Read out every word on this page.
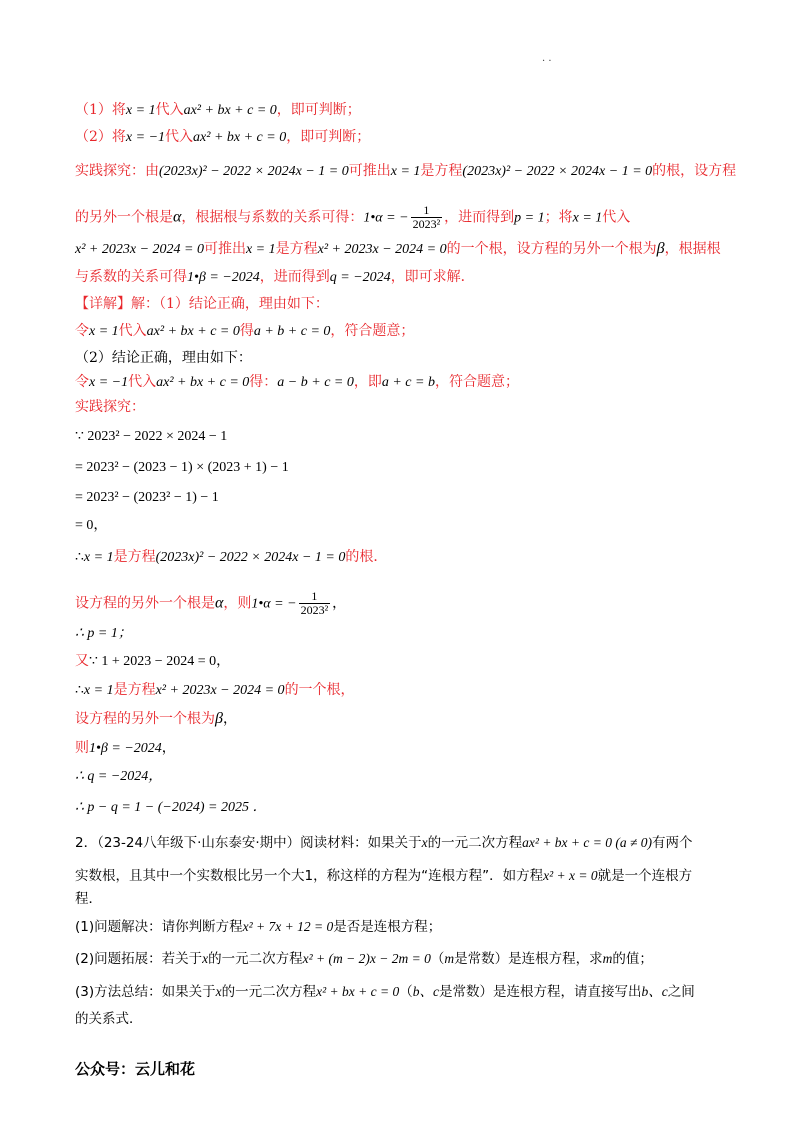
· ·
（1）将x = 1代入ax² + bx + c = 0，即可判断；
（2）将x = −1代入ax² + bx + c = 0，即可判断；
实践探究：由(2023x)² − 2022 × 2024x − 1 = 0可推出x = 1是方程(2023x)² − 2022 × 2024x − 1 = 0的根，设方程
的另外一个根是α，根据根与系数的关系可得：1•α = − $\frac{1}{\text{2023²}}$ ，进而得到p = 1；将x = 1代入
x² + 2023x − 2024 = 0可推出x = 1是方程x² + 2023x − 2024 = 0的一个根，设方程的另外一个根为β，根据根
与系数的关系可得1•β = −2024，进而得到q = −2024，即可求解．
【详解】解：（1）结论正确，理由如下：
令x = 1代入ax² + bx + c = 0得a + b + c = 0，符合题意；
（2）结论正确，理由如下：
令x = −1代入ax² + bx + c = 0得：a − b + c = 0，即a + c = b，符合题意；
实践探究：
∵ 2023² − 2022 × 2024 − 1
= 2023² − (2023 − 1) × (2023 + 1) − 1
= 2023² − (2023² − 1) − 1
= 0，
∴x = 1是方程(2023x)² − 2022 × 2024x − 1 = 0的根．
设方程的另外一个根是α，则1•α = − $\frac{1}{\text{2023²}}$ ，
∴ p = 1；
又∵ 1 + 2023 − 2024 = 0，
∴x = 1是方程x² + 2023x − 2024 = 0的一个根，
设方程的另外一个根为β，
则1•β = −2024，
∴ q = −2024，
∴ p − q = 1 − (−2024) = 2025 ．
2．（23-24八年级下·山东泰安·期中）阅读材料：如果关于x的一元二次方程ax² + bx + c = 0 (a ≠ 0)有两个
实数根，且其中一个实数根比另一个大1，称这样的方程为“连根方程”．如方程x² + x = 0就是一个连根方
程．
(1)问题解决：请你判断方程x² + 7x + 12 = 0是否是连根方程；
(2)问题拓展：若关于x的一元二次方程x² + (m − 2)x − 2m = 0（m是常数）是连根方程，求m的值；
(3)方法总结：如果关于x的一元二次方程x² + bx + c = 0（b、c是常数）是连根方程，请直接写出b、c之间
的关系式．
公众号：云儿和花
